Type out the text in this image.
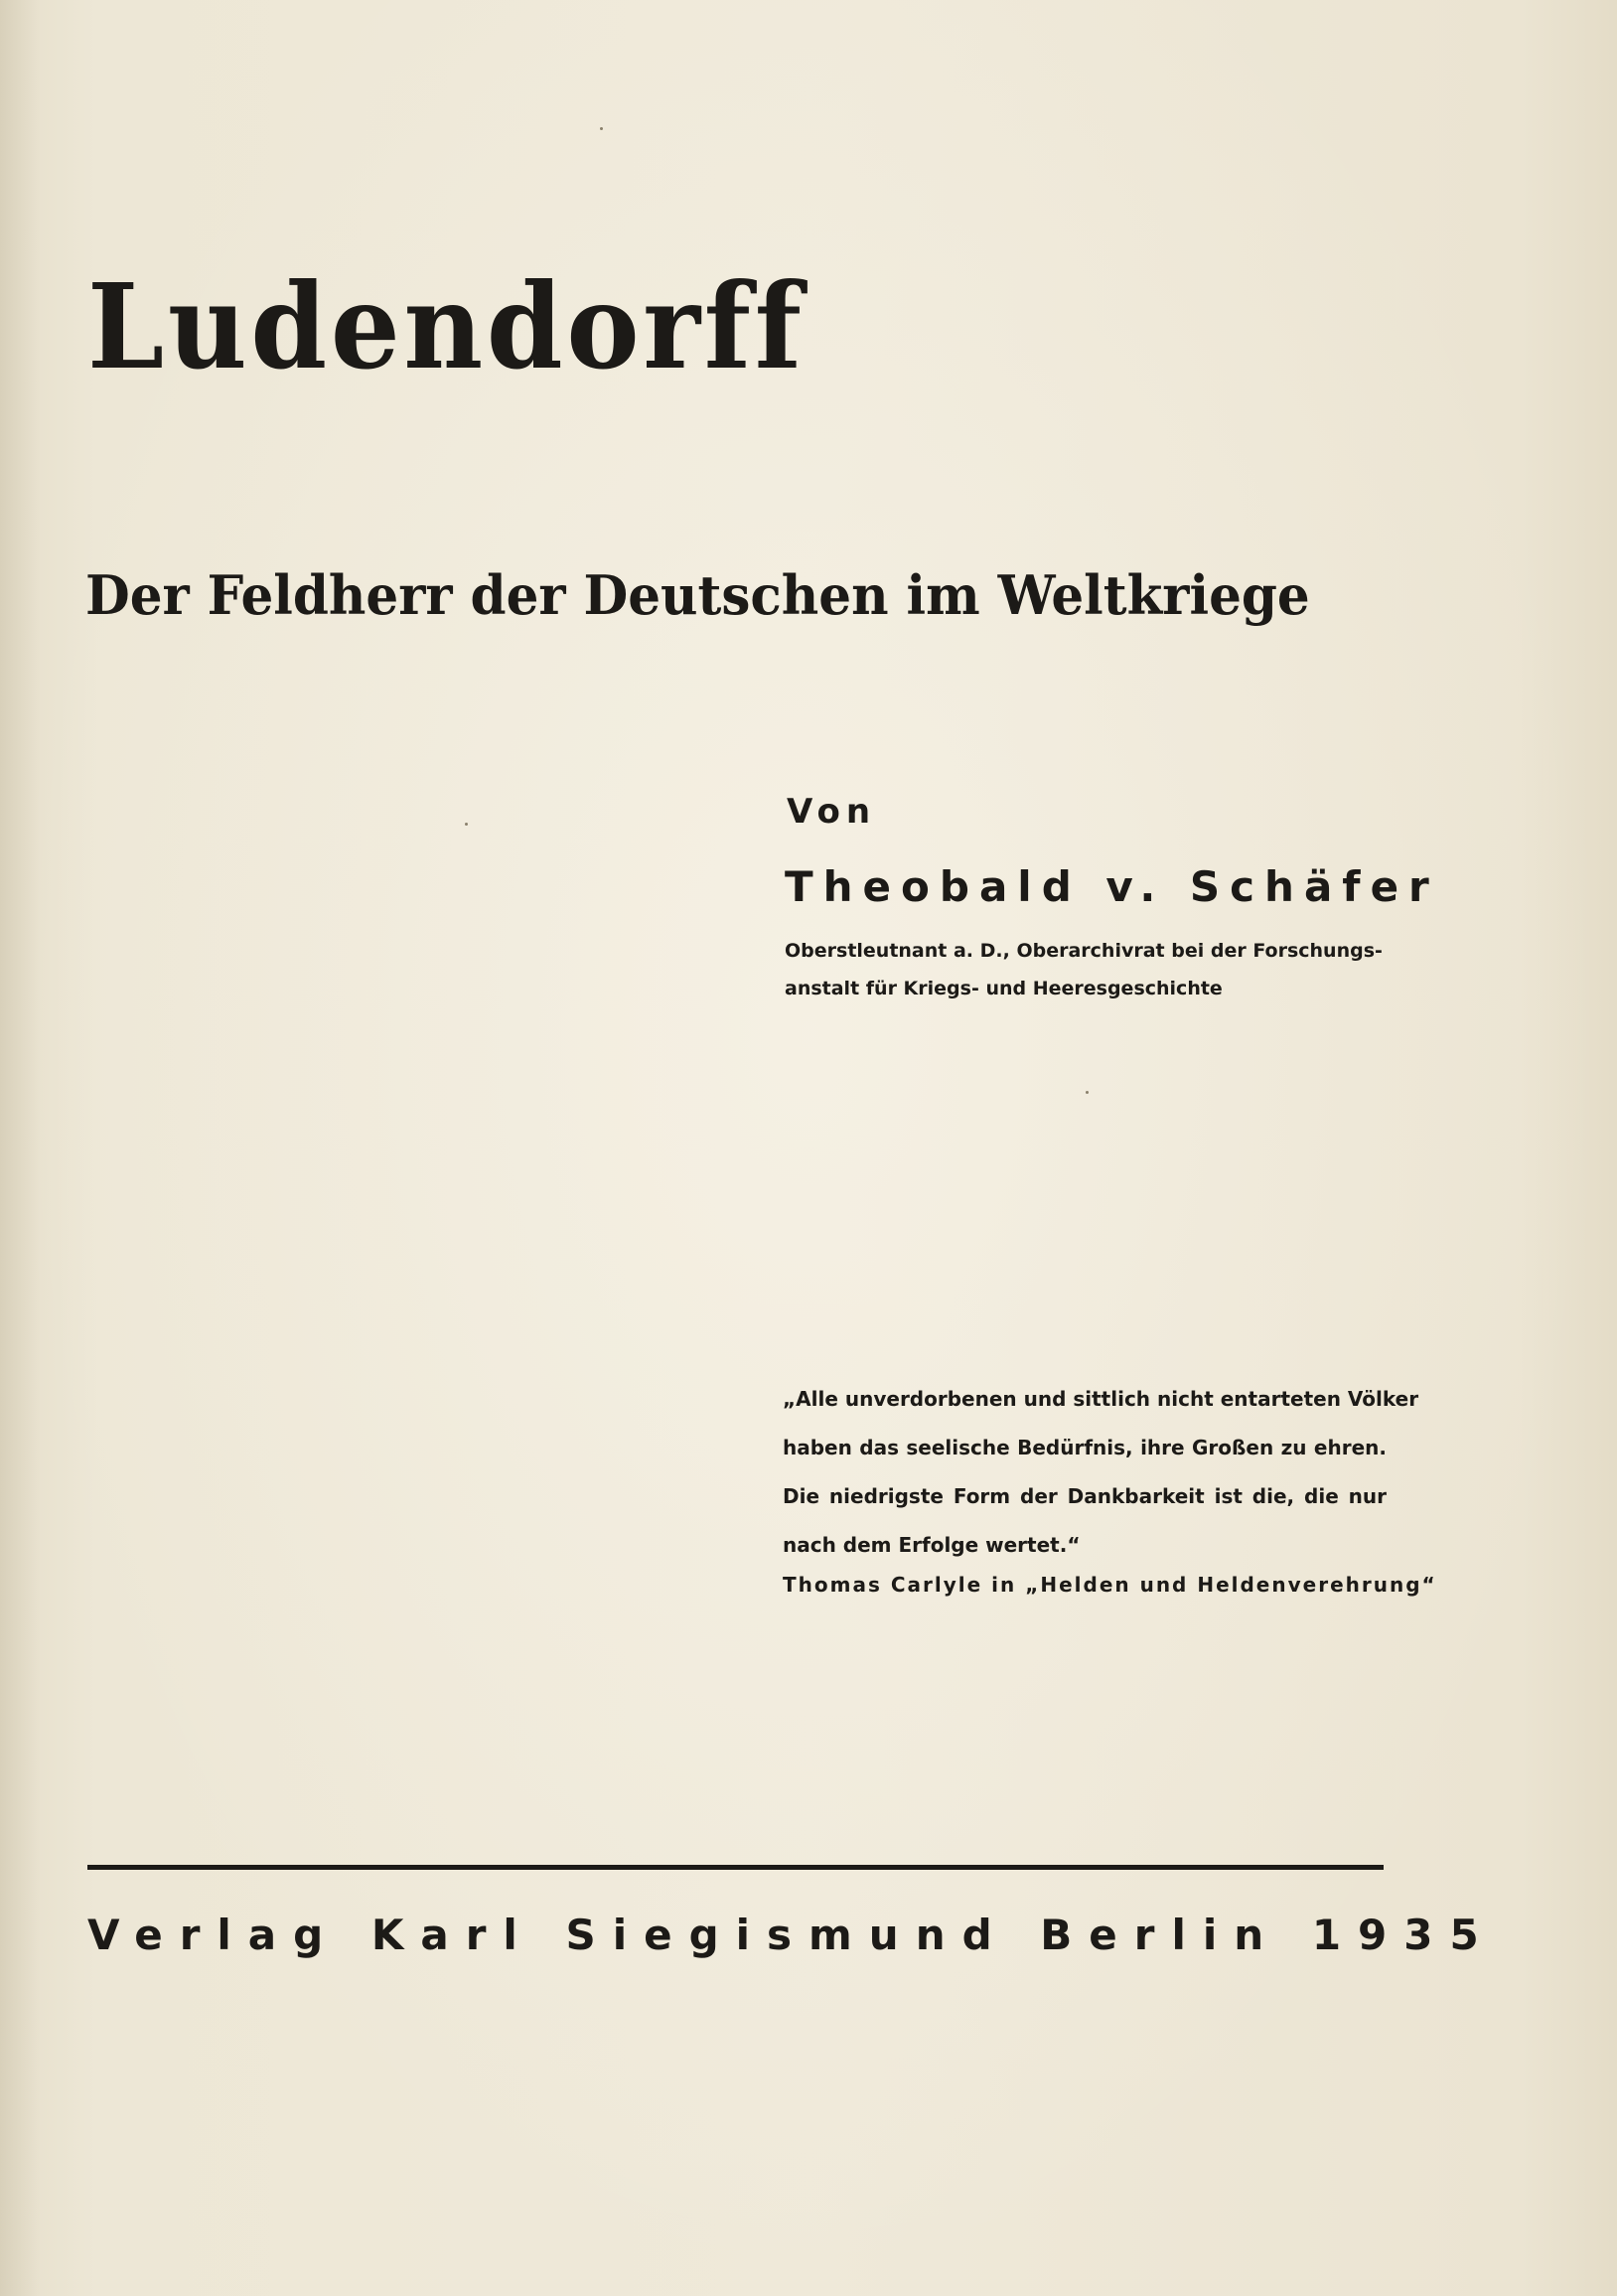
Ludendorff
Der Feldherr der Deutschen im Weltkriege
Von
Theobald v. Schäfer
Oberstleutnant a. D., Oberarchivrat bei der Forschungs-
anstalt für Kriegs- und Heeresgeschichte
„Alle unverdorbenen und sittlich nicht entarteten Völker
haben das seelische Bedürfnis, ihre Großen zu ehren.
Die niedrigste Form der Dankbarkeit ist die, die nur
nach dem Erfolge wertet.“
Thomas Carlyle in „Helden und Heldenverehrung“
Verlag Karl Siegismund Berlin 1935
